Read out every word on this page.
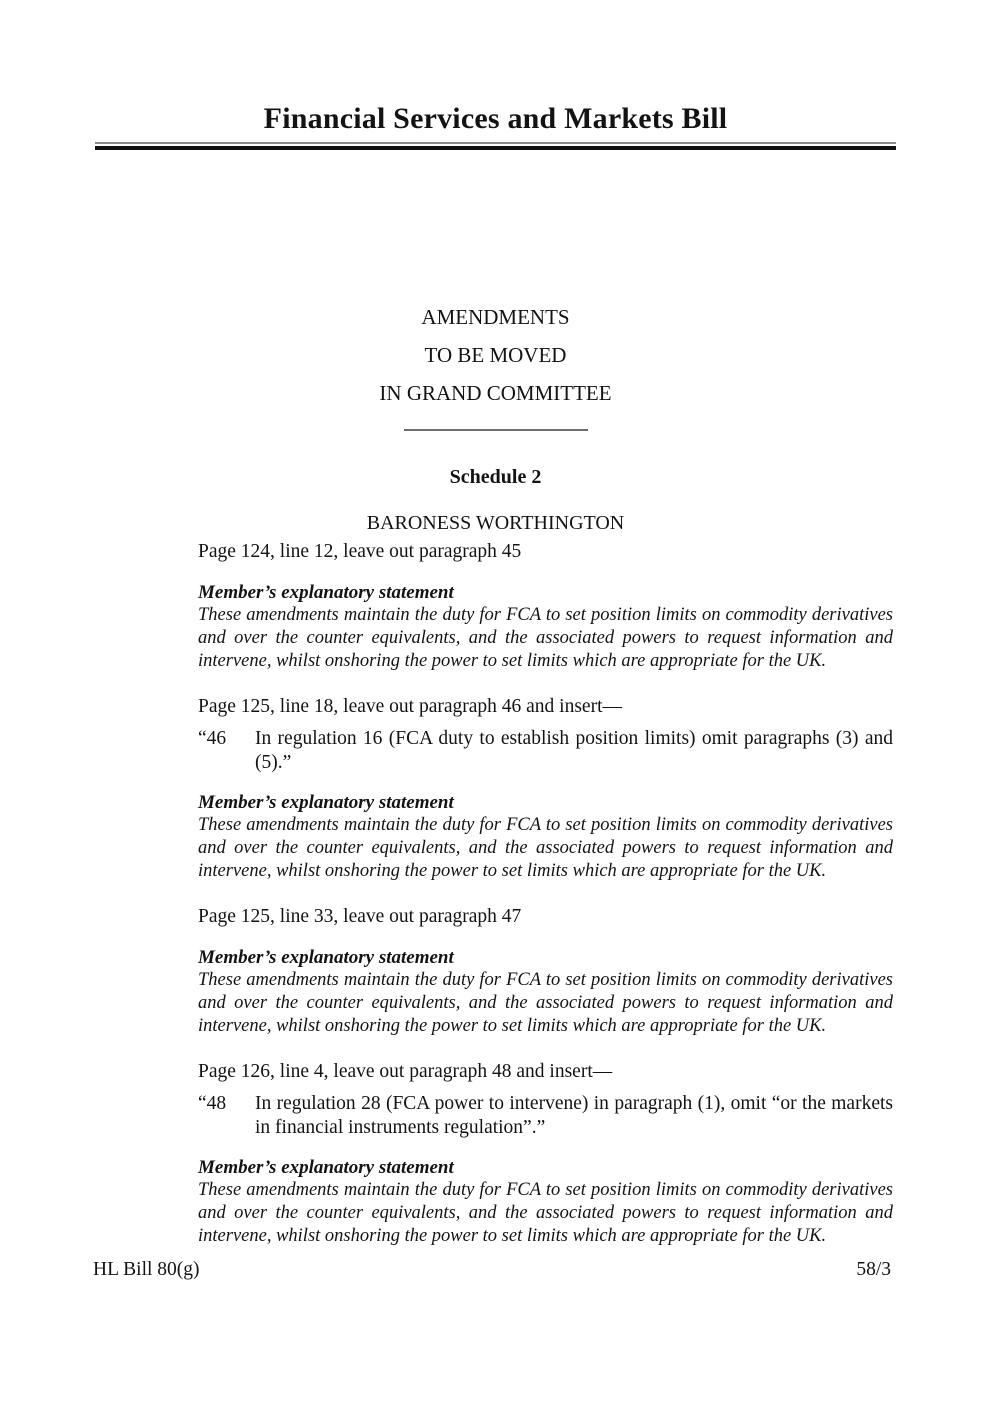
Financial Services and Markets Bill
AMENDMENTS
TO BE MOVED
IN GRAND COMMITTEE
Schedule 2
BARONESS WORTHINGTON
Page 124, line 12, leave out paragraph 45
Member’s explanatory statement
These amendments maintain the duty for FCA to set position limits on commodity derivatives and over the counter equivalents, and the associated powers to request information and intervene, whilst onshoring the power to set limits which are appropriate for the UK.
Page 125, line 18, leave out paragraph 46 and insert—
“46 In regulation 16 (FCA duty to establish position limits) omit paragraphs (3) and (5).”
Member’s explanatory statement
These amendments maintain the duty for FCA to set position limits on commodity derivatives and over the counter equivalents, and the associated powers to request information and intervene, whilst onshoring the power to set limits which are appropriate for the UK.
Page 125, line 33, leave out paragraph 47
Member’s explanatory statement
These amendments maintain the duty for FCA to set position limits on commodity derivatives and over the counter equivalents, and the associated powers to request information and intervene, whilst onshoring the power to set limits which are appropriate for the UK.
Page 126, line 4, leave out paragraph 48 and insert—
“48 In regulation 28 (FCA power to intervene) in paragraph (1), omit “or the markets in financial instruments regulation”.”
Member’s explanatory statement
These amendments maintain the duty for FCA to set position limits on commodity derivatives and over the counter equivalents, and the associated powers to request information and intervene, whilst onshoring the power to set limits which are appropriate for the UK.
HL Bill 80(g)	58/3
